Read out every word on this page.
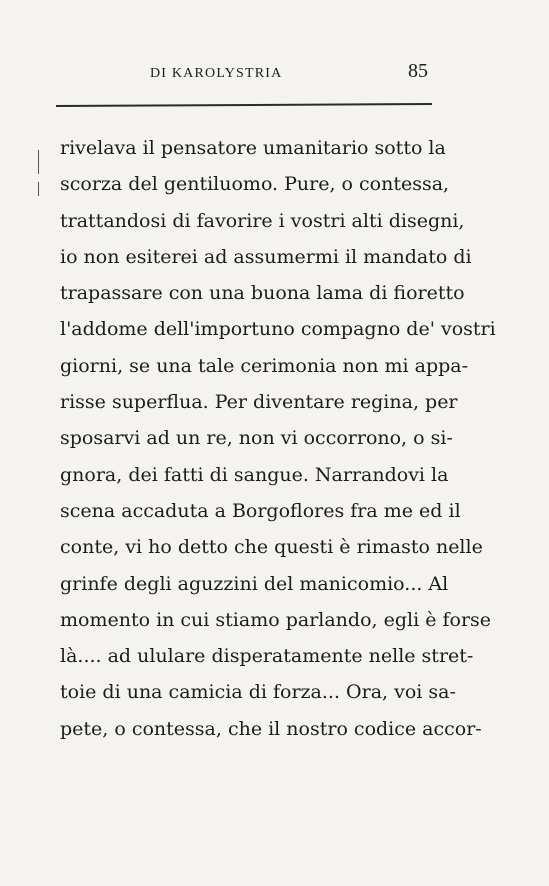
DI KAROLYSTRIA	85
rivelava il pensatore umanitario sotto la
scorza del gentiluomo. Pure, o contessa,
trattandosi di favorire i vostri alti disegni,
io non esiterei ad assumermi il mandato di
trapassare con una buona lama di fioretto
l'addome dell'importuno compagno de' vostri
giorni, se una tale cerimonia non mi appa-
risse superflua. Per diventare regina, per
sposarvi ad un re, non vi occorrono, o si-
gnora, dei fatti di sangue. Narrandovi la
scena accaduta a Borgoflores fra me ed il
conte, vi ho detto che questi è rimasto nelle
grinfe degli aguzzini del manicomio... Al
momento in cui stiamo parlando, egli è forse
là.... ad ululare disperatamente nelle stret-
toie di una camicia di forza... Ora, voi sa-
pete, o contessa, che il nostro codice accor-
